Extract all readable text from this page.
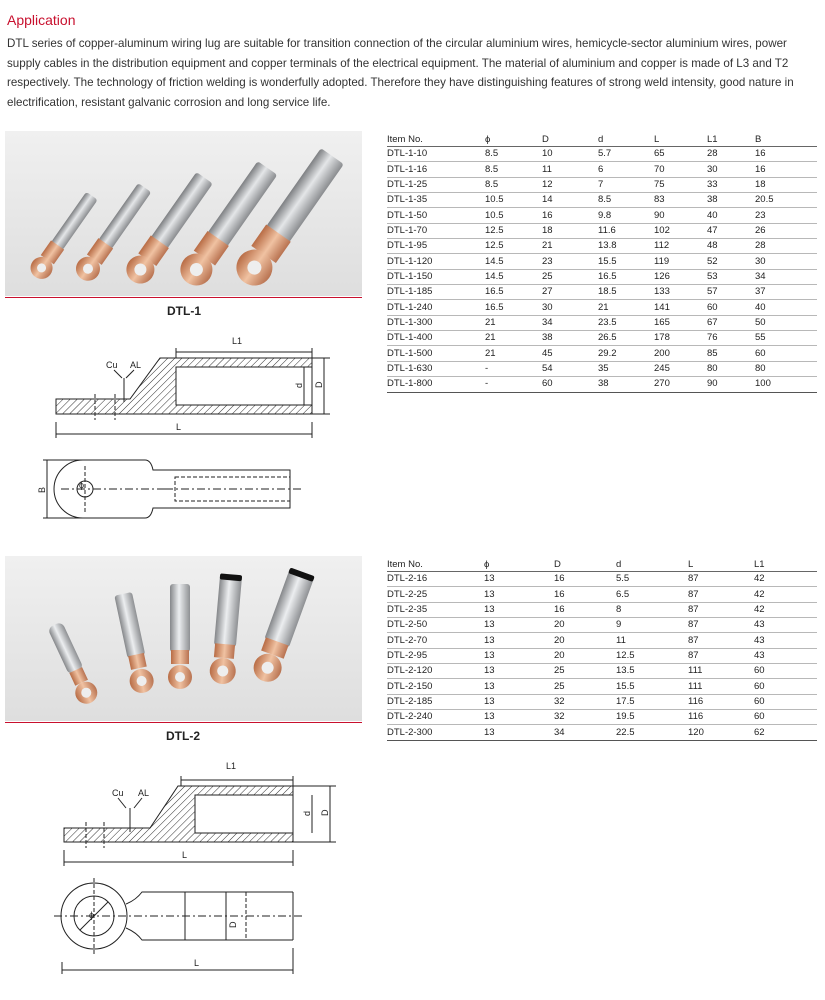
Application
DTL series of copper-aluminum wiring lug are suitable for transition connection of the circular aluminium wires, hemicycle-sector aluminium wires, power supply cables in the distribution equipment and copper terminals of the electrical equipment. The material of aluminium and copper is made of L3 and T2 respectively. The technology of friction welding is wonderfully adopted. Therefore they have distinguishing features of strong weld intensity, good nature in electrification, resistant galvanic corrosion and long service life.
DTL-1
Item No.	ϕ	D	d	L	L1	B
DTL-1-10	8.5	10	5.7	65	28	16
DTL-1-16	8.5	11	6	70	30	16
DTL-1-25	8.5	12	7	75	33	18
DTL-1-35	10.5	14	8.5	83	38	20.5
DTL-1-50	10.5	16	9.8	90	40	23
DTL-1-70	12.5	18	11.6	102	47	26
DTL-1-95	12.5	21	13.8	112	48	28
DTL-1-120	14.5	23	15.5	119	52	30
DTL-1-150	14.5	25	16.5	126	53	34
DTL-1-185	16.5	27	18.5	133	57	37
DTL-1-240	16.5	30	21	141	60	40
DTL-1-300	21	34	23.5	165	67	50
DTL-1-400	21	38	26.5	178	76	55
DTL-1-500	21	45	29.2	200	85	60
DTL-1-630	-	54	35	245	80	80
DTL-1-800	-	60	38	270	90	100
Cu AL
L1
L
d D
ϕ
B
DTL-2
Item No.	ϕ	D	d	L	L1
DTL-2-16	13	16	5.5	87	42
DTL-2-25	13	16	6.5	87	42
DTL-2-35	13	16	8	87	42
DTL-2-50	13	20	9	87	43
DTL-2-70	13	20	11	87	43
DTL-2-95	13	20	12.5	87	43
DTL-2-120	13	25	13.5	111	60
DTL-2-150	13	25	15.5	111	60
DTL-2-185	13	32	17.5	116	60
DTL-2-240	13	32	19.5	116	60
DTL-2-300	13	34	22.5	120	62
Cu AL
L1
L
d D
ϕ
D
L
